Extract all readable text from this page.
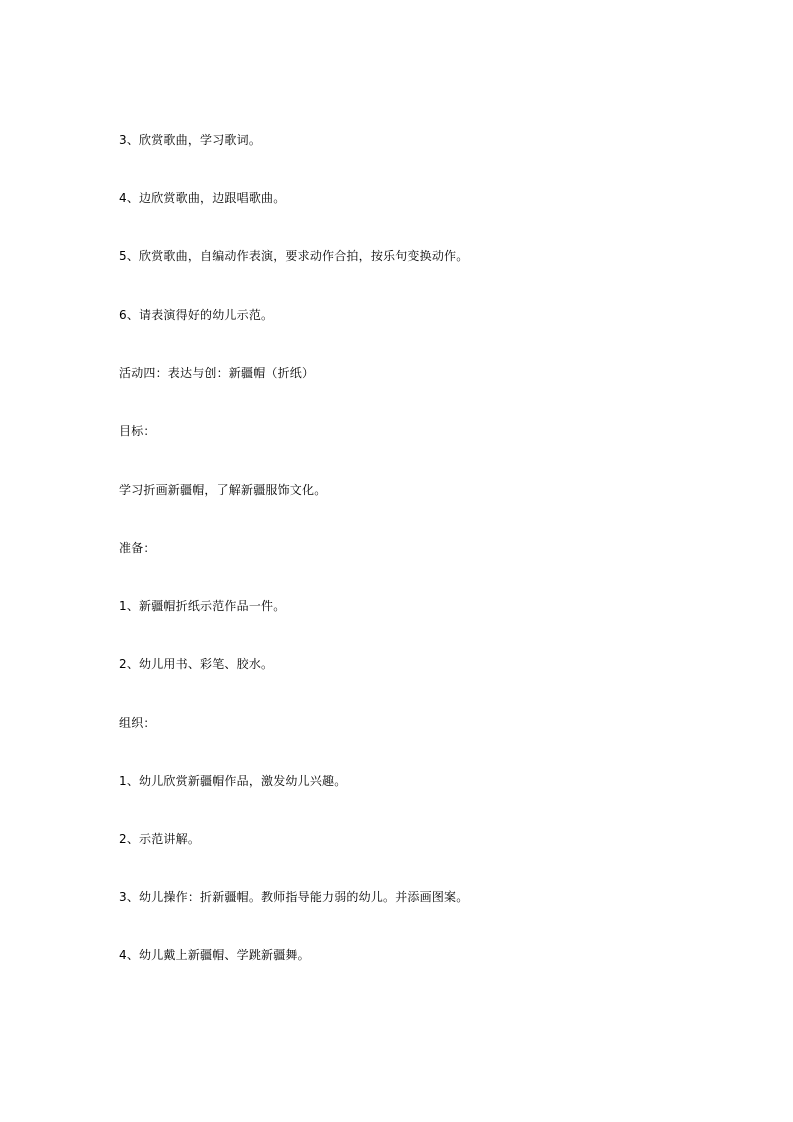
3、欣赏歌曲，学习歌词。
4、边欣赏歌曲，边跟唱歌曲。
5、欣赏歌曲，自编动作表演，要求动作合拍，按乐句变换动作。
6、请表演得好的幼儿示范。
活动四：表达与创：新疆帽（折纸）
目标：
学习折画新疆帽，了解新疆服饰文化。
准备：
1、新疆帽折纸示范作品一件。
2、幼儿用书、彩笔、胶水。
组织：
1、幼儿欣赏新疆帽作品，激发幼儿兴趣。
2、示范讲解。
3、幼儿操作：折新疆帽。教师指导能力弱的幼儿。并添画图案。
4、幼儿戴上新疆帽、学跳新疆舞。
